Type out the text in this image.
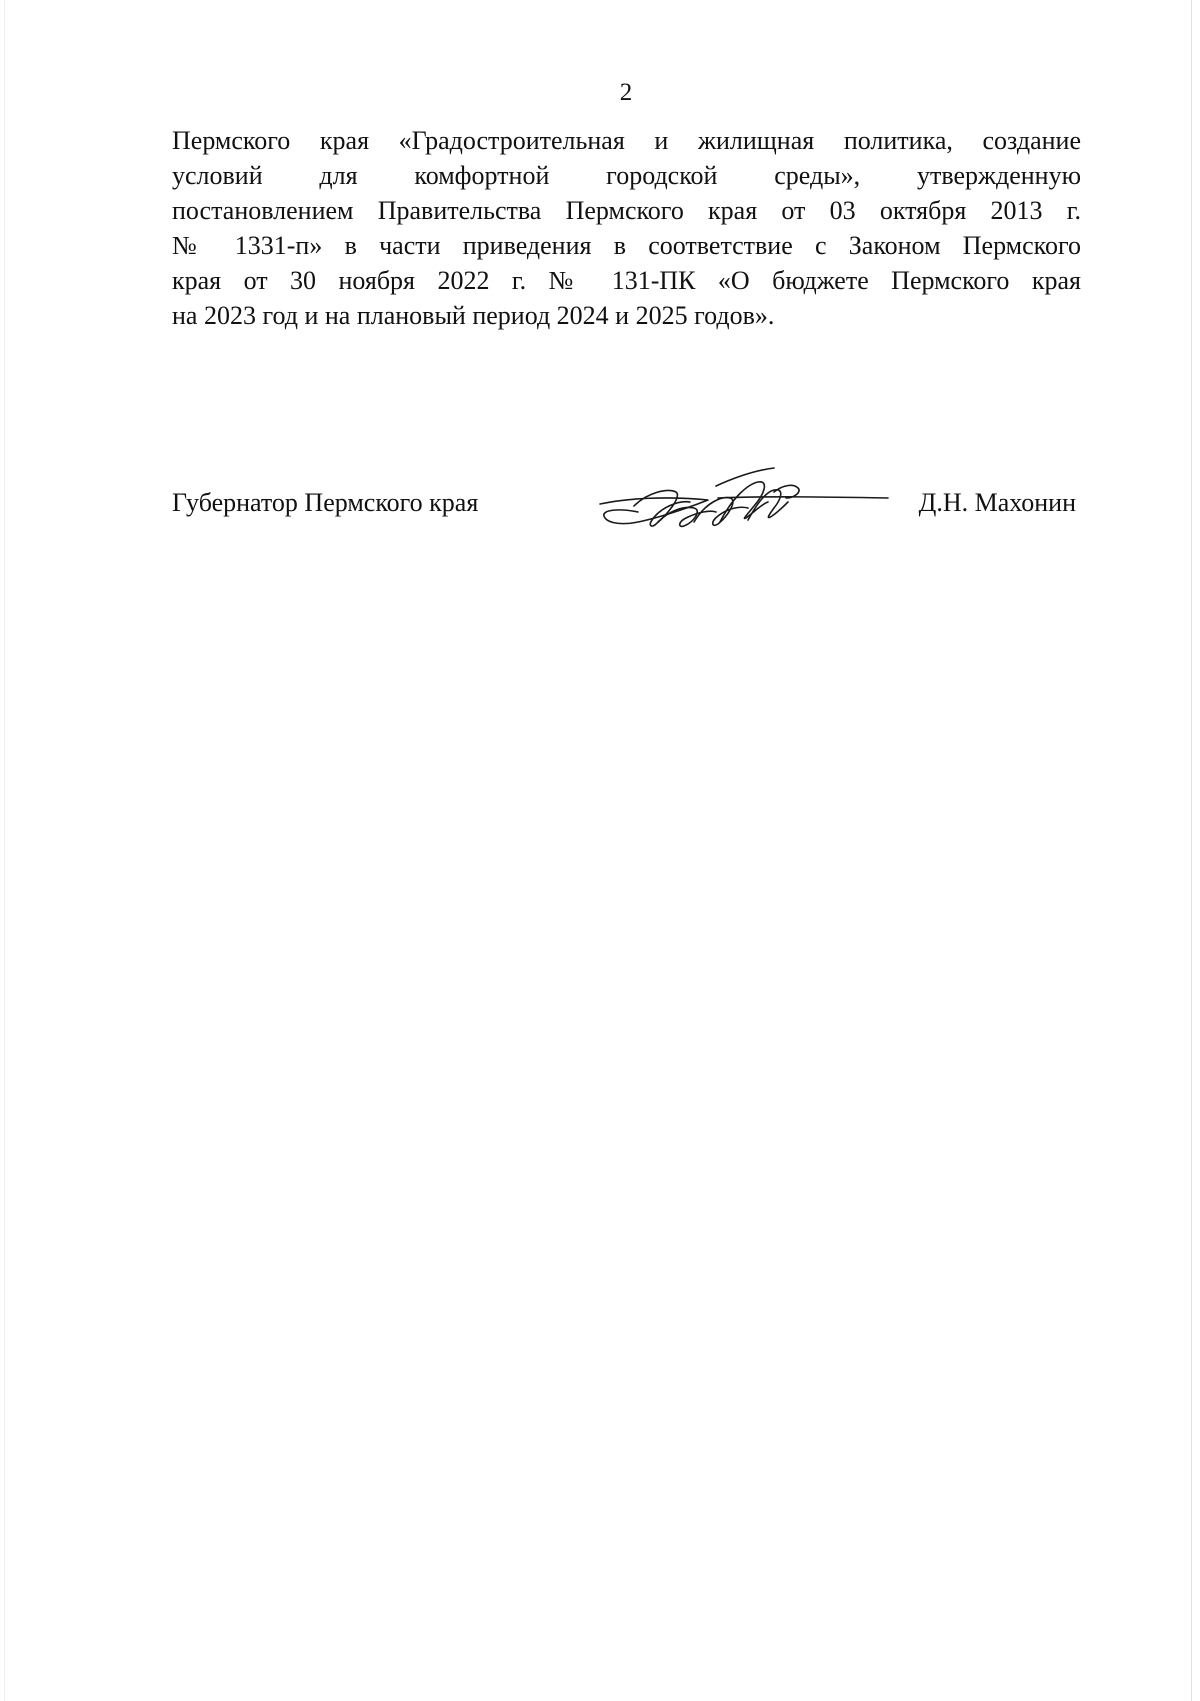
2
Пермского края «Градостроительная и жилищная политика, создание
условий для комфортной городской среды», утвержденную
постановлением Правительства Пермского края от 03 октября 2013 г.
№ 1331-п» в части приведения в соответствие с Законом Пермского
края от 30 ноября 2022 г. № 131-ПК «О бюджете Пермского края
на 2023 год и на плановый период 2024 и 2025 годов».
Губернатор Пермского края	Д.Н. Махонин
